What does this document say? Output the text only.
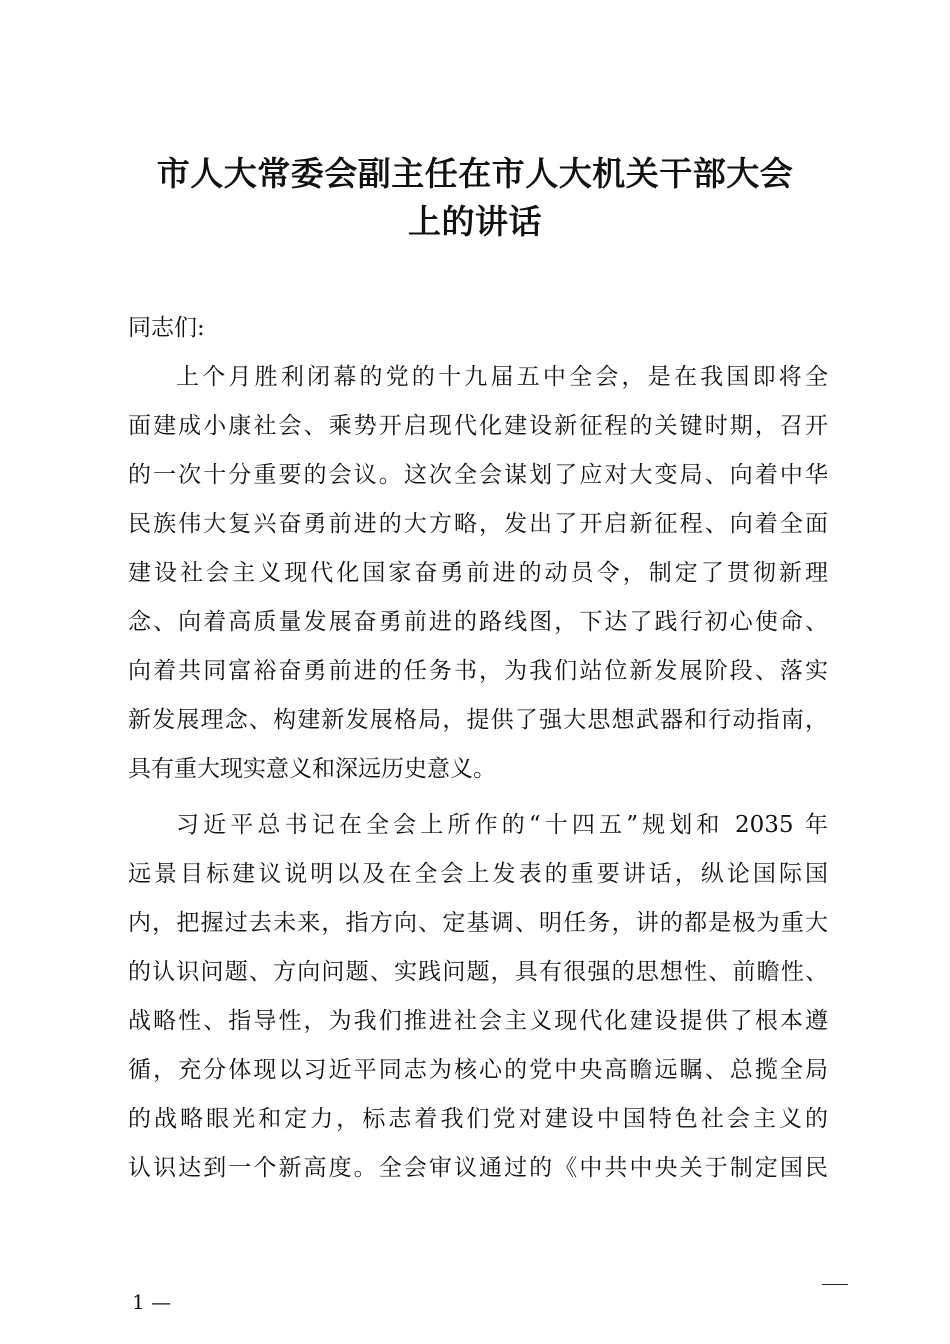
市人大常委会副主任在市人大机关干部大会
上的讲话
同志们:
上个月胜利闭幕的党的十九届五中全会，是在我国即将全
面建成小康社会、乘势开启现代化建设新征程的关键时期，召开
的一次十分重要的会议。这次全会谋划了应对大变局、向着中华
民族伟大复兴奋勇前进的大方略，发出了开启新征程、向着全面
建设社会主义现代化国家奋勇前进的动员令，制定了贯彻新理
念、向着高质量发展奋勇前进的路线图，下达了践行初心使命、
向着共同富裕奋勇前进的任务书，为我们站位新发展阶段、落实
新发展理念、构建新发展格局，提供了强大思想武器和行动指南，
具有重大现实意义和深远历史意义。
习近平总书记在全会上所作的“十四五”规划和 2035 年
远景目标建议说明以及在全会上发表的重要讲话，纵论国际国
内，把握过去未来，指方向、定基调、明任务，讲的都是极为重大
的认识问题、方向问题、实践问题，具有很强的思想性、前瞻性、
战略性、指导性，为我们推进社会主义现代化建设提供了根本遵
循，充分体现以习近平同志为核心的党中央高瞻远瞩、总揽全局
的战略眼光和定力，标志着我们党对建设中国特色社会主义的
认识达到一个新高度。全会审议通过的《中共中央关于制定国民
1 —
